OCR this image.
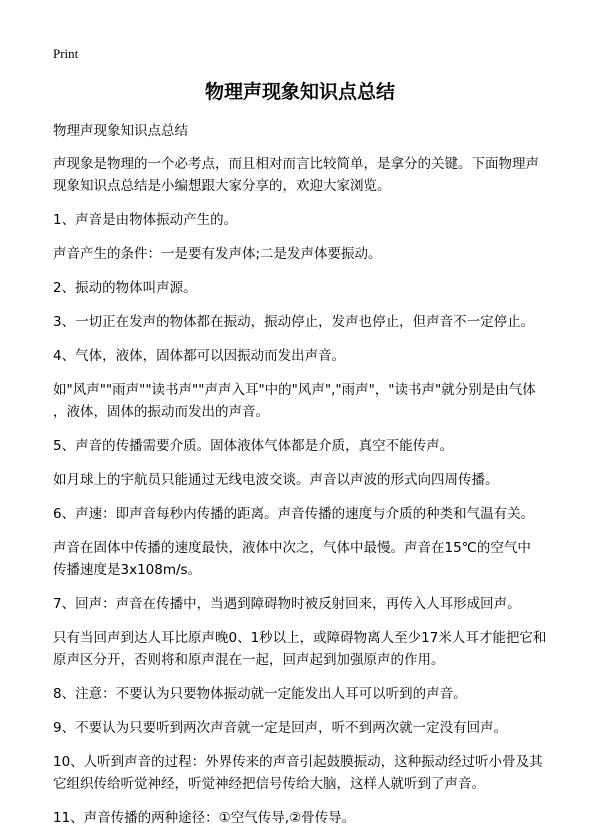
Print
物理声现象知识点总结

物理声现象知识点总结

声现象是物理的一个必考点，而且相对而言比较简单，是拿分的关键。下面物理声
现象知识点总结是小编想跟大家分享的，欢迎大家浏览。

1、声音是由物体振动产生的。

声音产生的条件：一是要有发声体;二是发声体要振动。

2、振动的物体叫声源。

3、一切正在发声的物体都在振动，振动停止，发声也停止，但声音不一定停止。

4、气体，液体，固体都可以因振动而发出声音。

如"风声""雨声""读书声""声声入耳"中的"风声","雨声"，"读书声"就分别是由气体
，液体，固体的振动而发出的声音。

5、声音的传播需要介质。固体液体气体都是介质，真空不能传声。

如月球上的宇航员只能通过无线电波交谈。声音以声波的形式向四周传播。

6、声速：即声音每秒内传播的距离。声音传播的速度与介质的种类和气温有关。

声音在固体中传播的速度最快，液体中次之，气体中最慢。声音在15℃的空气中
传播速度是3x108m/s。

7、回声：声音在传播中，当遇到障碍物时被反射回来，再传入人耳形成回声。

只有当回声到达人耳比原声晚0、1秒以上，或障碍物离人至少17米人耳才能把它和
原声区分开，否则将和原声混在一起，回声起到加强原声的作用。

8、注意：不要认为只要物体振动就一定能发出人耳可以听到的声音。

9、不要认为只要听到两次声音就一定是回声，听不到两次就一定没有回声。

10、人听到声音的过程：外界传来的声音引起鼓膜振动，这种振动经过听小骨及其
它组织传给听觉神经，听觉神经把信号传给大脑，这样人就听到了声音。

11、声音传播的两种途径：①空气传导,②骨传导。
